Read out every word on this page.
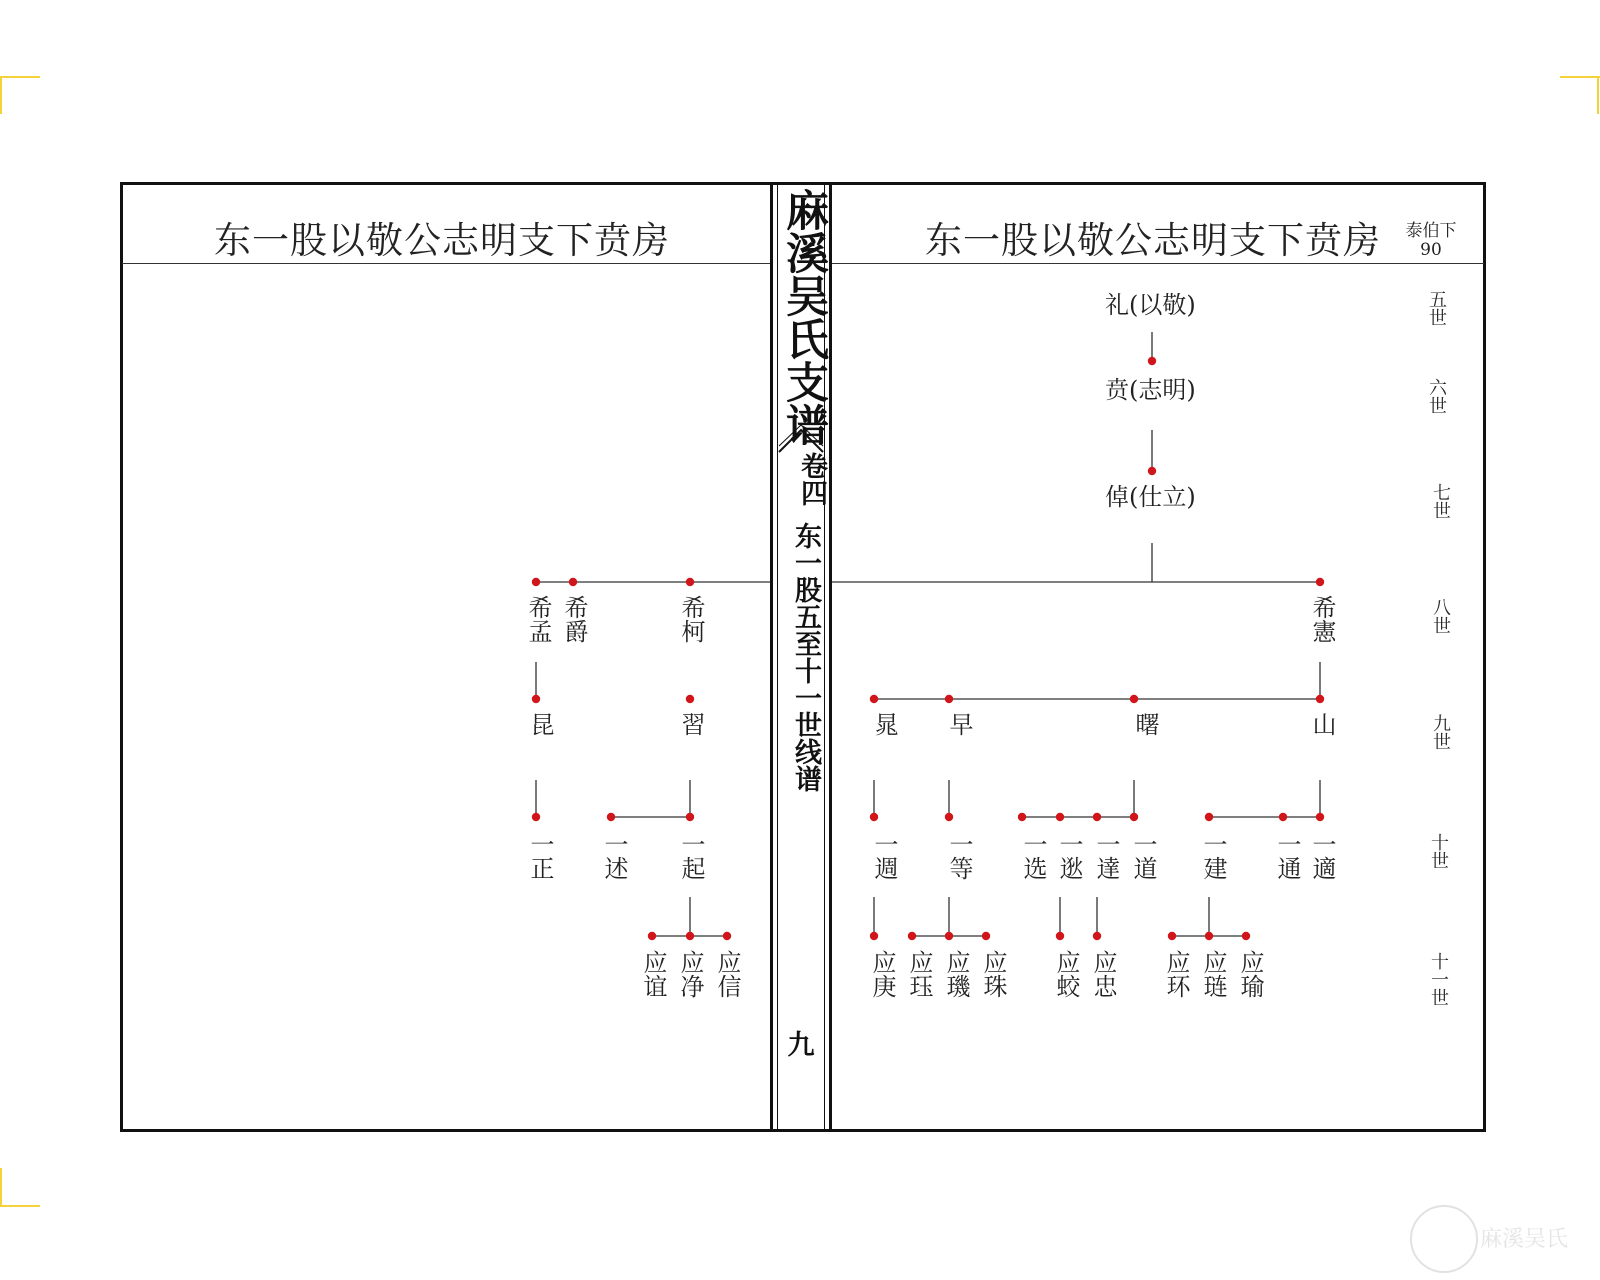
东一股以敬公志明支下贲房	东一股以敬公志明支下贲房	泰伯下
90
麻溪吴氏支谱
卷四
东一股五至十一世线谱
九
五世
六世
七世
八世
九世
十世
十一世
礼(以敬)
贲(志明)
倬(仕立)
希憲
晁 早	曙	山
一週 一等 一选 一逖 一達 一道 一建 一通 一適
应庚 应珏 应璣 应珠 应蛟 应忠 应环 应琏 应瑜
希孟 希爵	希柯
昆	習
一正 一述 一起
应谊 应净 应信
麻溪吴氏
